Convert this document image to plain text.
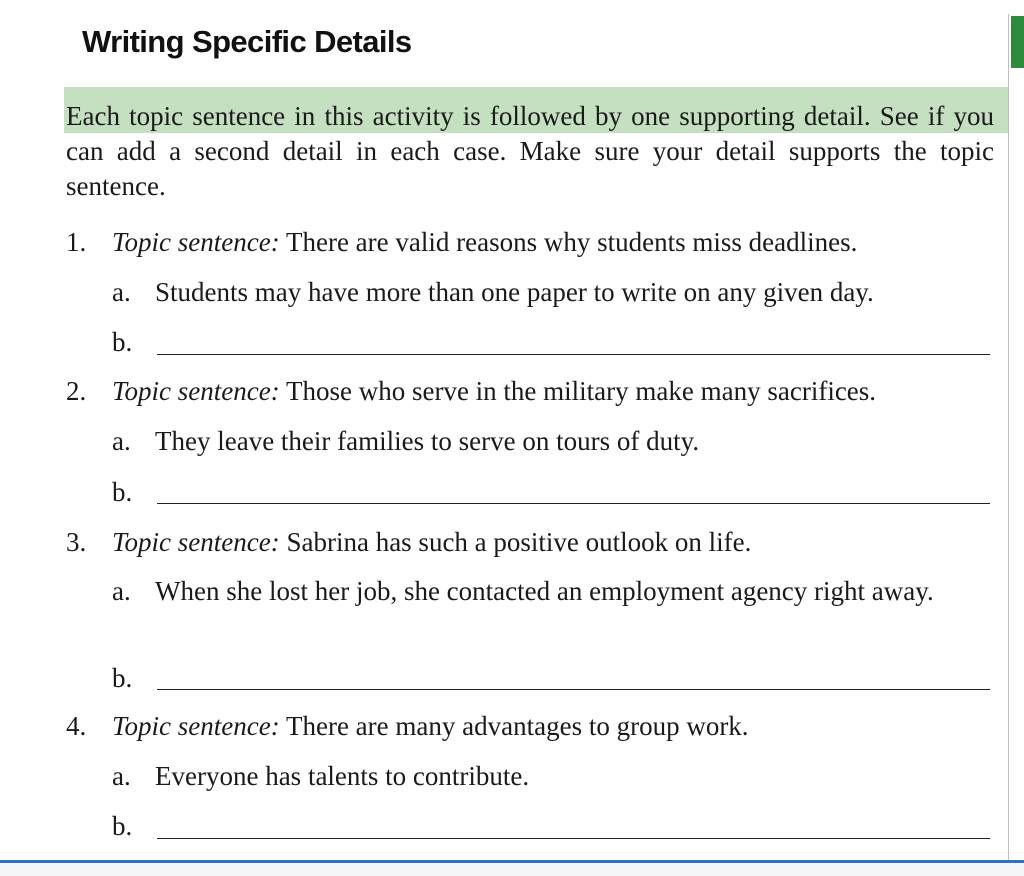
Writing Specific Details

Each topic sentence in this activity is followed by one supporting detail. See if you can add a second detail in each case. Make sure your detail supports the topic sentence.

1. Topic sentence: There are valid reasons why students miss deadlines.
a. Students may have more than one paper to write on any given day.
b.
2. Topic sentence: Those who serve in the military make many sacrifices.
a. They leave their families to serve on tours of duty.
b.
3. Topic sentence: Sabrina has such a positive outlook on life.
a. When she lost her job, she contacted an employment agency right away.
b.
4. Topic sentence: There are many advantages to group work.
a. Everyone has talents to contribute.
b.
